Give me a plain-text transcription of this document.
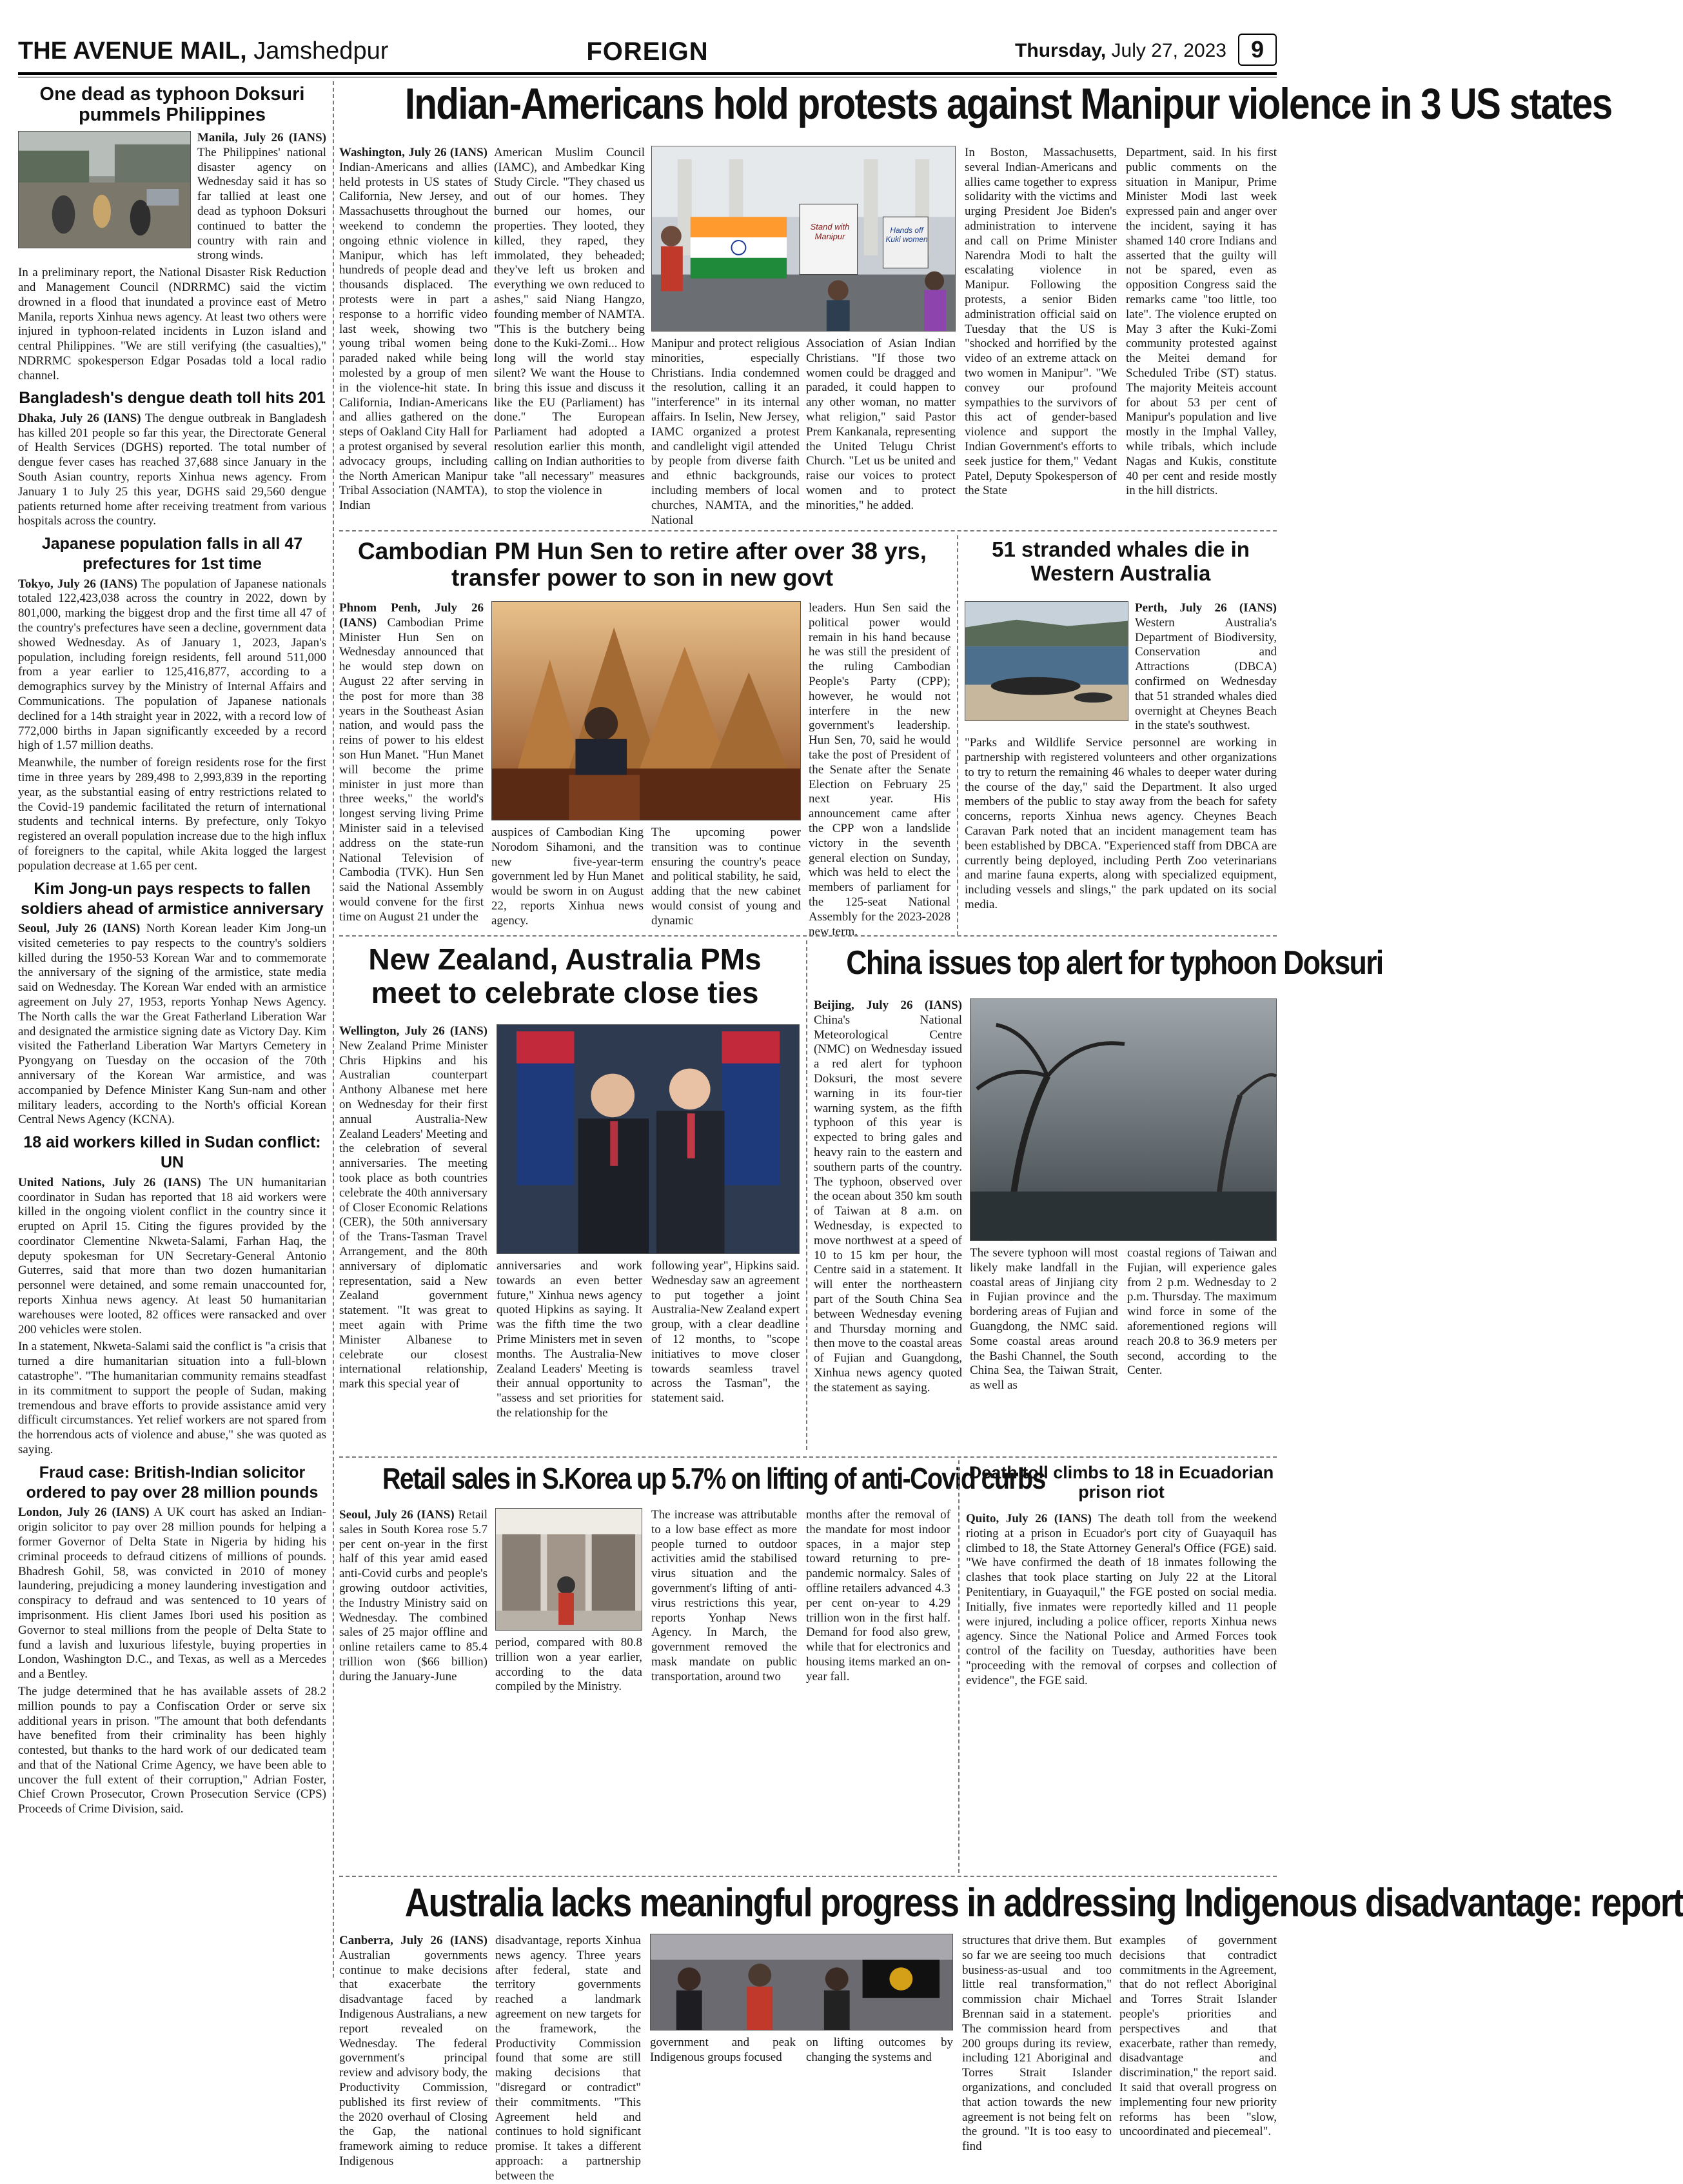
THE AVENUE MAIL, Jamshedpur	FOREIGN	Thursday, July 27, 2023	9
One dead as typhoon Doksuri pummels Philippines

Manila, July 26 (IANS) The Philippines' national disaster agency on Wednesday said it has so far tallied at least one dead as typhoon Doksuri continued to batter the country with rain and strong winds.

In a preliminary report, the National Disaster Risk Reduction and Management Council (NDRRMC) said the victim drowned in a flood that inundated a province east of Metro Manila, reports Xinhua news agency. At least two others were injured in typhoon-related incidents in Luzon island and central Philippines. "We are still verifying (the casualties)," NDRRMC spokesperson Edgar Posadas told a local radio channel.

Bangladesh's dengue death toll hits 201

Dhaka, July 26 (IANS) The dengue outbreak in Bangladesh has killed 201 people so far this year, the Directorate General of Health Services (DGHS) reported. The total number of dengue fever cases has reached 37,688 since January in the South Asian country, reports Xinhua news agency. From January 1 to July 25 this year, DGHS said 29,560 dengue patients returned home after receiving treatment from various hospitals across the country.

Japanese population falls in all 47 prefectures for 1st time

Tokyo, July 26 (IANS) The population of Japanese nationals totaled 122,423,038 across the country in 2022, down by 801,000, marking the biggest drop and the first time all 47 of the country's prefectures have seen a decline, government data showed Wednesday. As of January 1, 2023, Japan's population, including foreign residents, fell around 511,000 from a year earlier to 125,416,877, according to a demographics survey by the Ministry of Internal Affairs and Communications. The population of Japanese nationals declined for a 14th straight year in 2022, with a record low of 772,000 births in Japan significantly exceeded by a record high of 1.57 million deaths.

Meanwhile, the number of foreign residents rose for the first time in three years by 289,498 to 2,993,839 in the reporting year, as the substantial easing of entry restrictions related to the Covid-19 pandemic facilitated the return of international students and technical interns. By prefecture, only Tokyo registered an overall population increase due to the high influx of foreigners to the capital, while Akita logged the largest population decrease at 1.65 per cent.

Kim Jong-un pays respects to fallen soldiers ahead of armistice anniversary

Seoul, July 26 (IANS) North Korean leader Kim Jong-un visited cemeteries to pay respects to the country's soldiers killed during the 1950-53 Korean War and to commemorate the anniversary of the signing of the armistice, state media said on Wednesday. The Korean War ended with an armistice agreement on July 27, 1953, reports Yonhap News Agency. The North calls the war the Great Fatherland Liberation War and designated the armistice signing date as Victory Day. Kim visited the Fatherland Liberation War Martyrs Cemetery in Pyongyang on Tuesday on the occasion of the 70th anniversary of the Korean War armistice, and was accompanied by Defence Minister Kang Sun-nam and other military leaders, according to the North's official Korean Central News Agency (KCNA).

18 aid workers killed in Sudan conflict: UN

United Nations, July 26 (IANS) The UN humanitarian coordinator in Sudan has reported that 18 aid workers were killed in the ongoing violent conflict in the country since it erupted on April 15. Citing the figures provided by the coordinator Clementine Nkweta-Salami, Farhan Haq, the deputy spokesman for UN Secretary-General Antonio Guterres, said that more than two dozen humanitarian personnel were detained, and some remain unaccounted for, reports Xinhua news agency. At least 50 humanitarian warehouses were looted, 82 offices were ransacked and over 200 vehicles were stolen.

In a statement, Nkweta-Salami said the conflict is "a crisis that turned a dire humanitarian situation into a full-blown catastrophe". "The humanitarian community remains steadfast in its commitment to support the people of Sudan, making tremendous and brave efforts to provide assistance amid very difficult circumstances. Yet relief workers are not spared from the horrendous acts of violence and abuse," she was quoted as saying.

Fraud case: British-Indian solicitor ordered to pay over 28 million pounds

London, July 26 (IANS) A UK court has asked an Indian-origin solicitor to pay over 28 million pounds for helping a former Governor of Delta State in Nigeria by hiding his criminal proceeds to defraud citizens of millions of pounds. Bhadresh Gohil, 58, was convicted in 2010 of money laundering, prejudicing a money laundering investigation and conspiracy to defraud and was sentenced to 10 years of imprisonment. His client James Ibori used his position as Governor to steal millions from the people of Delta State to fund a lavish and luxurious lifestyle, buying properties in London, Washington D.C., and Texas, as well as a Mercedes and a Bentley.

The judge determined that he has available assets of 28.2 million pounds to pay a Confiscation Order or serve six additional years in prison. "The amount that both defendants have benefited from their criminality has been highly contested, but thanks to the hard work of our dedicated team and that of the National Crime Agency, we have been able to uncover the full extent of their corruption," Adrian Foster, Chief Crown Prosecutor, Crown Prosecution Service (CPS) Proceeds of Crime Division, said.

Indian-Americans hold protests against Manipur violence in 3 US states

Washington, July 26 (IANS) Indian-Americans and allies held protests in US states of California, New Jersey, and Massachusetts throughout the weekend to condemn the ongoing ethnic violence in Manipur, which has left hundreds of people dead and thousands displaced. The protests were in part a response to a horrific video last week, showing two young tribal women being paraded naked while being molested by a group of men in the violence-hit state. In California, Indian-Americans and allies gathered on the steps of Oakland City Hall for a protest organised by several advocacy groups, including the North American Manipur Tribal Association (NAMTA), Indian

American Muslim Council (IAMC), and Ambedkar King Study Circle. "They chased us out of our homes. They burned our homes, our properties. They looted, they killed, they raped, they immolated, they beheaded; they've left us broken and everything we own reduced to ashes," said Niang Hangzo, founding member of NAMTA. "This is the butchery being done to the Kuki-Zomi... How long will the world stay silent? We want the House to bring this issue and discuss it like the EU (Parliament) has done." The European Parliament had adopted a resolution earlier this month, calling on Indian authorities to take "all necessary" measures to stop the violence in

Stand with Manipur
Hands off Kuki women

Manipur and protect religious minorities, especially Christians. India condemned the resolution, calling it an "interference" in its internal affairs. In Iselin, New Jersey, IAMC organized a protest and candlelight vigil attended by people from diverse faith and ethnic backgrounds, including members of local churches, NAMTA, and the National

Association of Asian Indian Christians. "If those two women could be dragged and paraded, it could happen to any other woman, no matter what religion," said Pastor Prem Kankanala, representing the United Telugu Christ Church. "Let us be united and raise our voices to protect women and to protect minorities," he added.

In Boston, Massachusetts, several Indian-Americans and allies came together to express solidarity with the victims and urging President Joe Biden's administration to intervene and call on Prime Minister Narendra Modi to halt the escalating violence in Manipur. Following the protests, a senior Biden administration official said on Tuesday that the US is "shocked and horrified by the video of an extreme attack on two women in Manipur". "We convey our profound sympathies to the survivors of this act of gender-based violence and support the Indian Government's efforts to seek justice for them," Vedant Patel, Deputy Spokesperson of the State

Department, said. In his first public comments on the situation in Manipur, Prime Minister Modi last week expressed pain and anger over the incident, saying it has shamed 140 crore Indians and asserted that the guilty will not be spared, even as opposition Congress said the remarks came "too little, too late". The violence erupted on May 3 after the Kuki-Zomi community protested against the Meitei demand for Scheduled Tribe (ST) status. The majority Meiteis account for about 53 per cent of Manipur's population and live mostly in the Imphal Valley, while tribals, which include Nagas and Kukis, constitute 40 per cent and reside mostly in the hill districts.

Cambodian PM Hun Sen to retire after over 38 yrs, transfer power to son in new govt

Phnom Penh, July 26 (IANS) Cambodian Prime Minister Hun Sen on Wednesday announced that he would step down on August 22 after serving in the post for more than 38 years in the Southeast Asian nation, and would pass the reins of power to his eldest son Hun Manet. "Hun Manet will become the prime minister in just more than three weeks," the world's longest serving living Prime Minister said in a televised address on the state-run National Television of Cambodia (TVK). Hun Sen said the National Assembly would convene for the first time on August 21 under the

auspices of Cambodian King Norodom Sihamoni, and the new five-year-term government led by Hun Manet would be sworn in on August 22, reports Xinhua news agency.

The upcoming power transition was to continue ensuring the country's peace and political stability, he said, adding that the new cabinet would consist of young and dynamic

leaders. Hun Sen said the political power would remain in his hand because he was still the president of the ruling Cambodian People's Party (CPP); however, he would not interfere in the new government's leadership. Hun Sen, 70, said he would take the post of President of the Senate after the Senate Election on February 25 next year. His announcement came after the CPP won a landslide victory in the seventh general election on Sunday, which was held to elect the members of parliament for the 125-seat National Assembly for the 2023-2028 new term.

51 stranded whales die in Western Australia

Perth, July 26 (IANS) Western Australia's Department of Biodiversity, Conservation and Attractions (DBCA) confirmed on Wednesday that 51 stranded whales died overnight at Cheynes Beach in the state's southwest.

"Parks and Wildlife Service personnel are working in partnership with registered volunteers and other organizations to try to return the remaining 46 whales to deeper water during the course of the day," said the Department. It also urged members of the public to stay away from the beach for safety concerns, reports Xinhua news agency. Cheynes Beach Caravan Park noted that an incident management team has been established by DBCA. "Experienced staff from DBCA are currently being deployed, including Perth Zoo veterinarians and marine fauna experts, along with specialized equipment, including vessels and slings," the park updated on its social media.

New Zealand, Australia PMs meet to celebrate close ties

Wellington, July 26 (IANS) New Zealand Prime Minister Chris Hipkins and his Australian counterpart Anthony Albanese met here on Wednesday for their first annual Australia-New Zealand Leaders' Meeting and the celebration of several anniversaries. The meeting took place as both countries celebrate the 40th anniversary of Closer Economic Relations (CER), the 50th anniversary of the Trans-Tasman Travel Arrangement, and the 80th anniversary of diplomatic representation, said a New Zealand government statement. "It was great to meet again with Prime Minister Albanese to celebrate our closest international relationship, mark this special year of

anniversaries and work towards an even better future," Xinhua news agency quoted Hipkins as saying. It was the fifth time the two Prime Ministers met in seven months. The Australia-New Zealand Leaders' Meeting is their annual opportunity to "assess and set priorities for the relationship for the

following year", Hipkins said. Wednesday saw an agreement to put together a joint Australia-New Zealand expert group, with a clear deadline of 12 months, to "scope initiatives to move closer towards seamless travel across the Tasman", the statement said.

China issues top alert for typhoon Doksuri

Beijing, July 26 (IANS) China's National Meteorological Centre (NMC) on Wednesday issued a red alert for typhoon Doksuri, the most severe warning in its four-tier warning system, as the fifth typhoon of this year is expected to bring gales and heavy rain to the eastern and southern parts of the country. The typhoon, observed over the ocean about 350 km south of Taiwan at 8 a.m. on Wednesday, is expected to move northwest at a speed of 10 to 15 km per hour, the Centre said in a statement. It will enter the northeastern part of the South China Sea between Wednesday evening and Thursday morning and then move to the coastal areas of Fujian and Guangdong, Xinhua news agency quoted the statement as saying.

The severe typhoon will most likely make landfall in the coastal areas of Jinjiang city in Fujian province and the bordering areas of Fujian and Guangdong, the NMC said. Some coastal areas around the Bashi Channel, the South China Sea, the Taiwan Strait, as well as

coastal regions of Taiwan and Fujian, will experience gales from 2 p.m. Wednesday to 2 p.m. Thursday. The maximum wind force in some of the aforementioned regions will reach 20.8 to 36.9 meters per second, according to the Center.

Retail sales in S.Korea up 5.7% on lifting of anti-Covid curbs

Seoul, July 26 (IANS) Retail sales in South Korea rose 5.7 per cent on-year in the first half of this year amid eased anti-Covid curbs and people's growing outdoor activities, the Industry Ministry said on Wednesday. The combined sales of 25 major offline and online retailers came to 85.4 trillion won ($66 billion) during the January-June

period, compared with 80.8 trillion won a year earlier, according to the data compiled by the Ministry.

The increase was attributable to a low base effect as more people turned to outdoor activities amid the stabilised virus situation and the government's lifting of anti-virus restrictions this year, reports Yonhap News Agency. In March, the government removed the mask mandate on public transportation, around two

months after the removal of the mandate for most indoor spaces, in a major step toward returning to pre-pandemic normalcy. Sales of offline retailers advanced 4.3 per cent on-year to 4.29 trillion won in the first half. Demand for food also grew, while that for electronics and housing items marked an on-year fall.

Death toll climbs to 18 in Ecuadorian prison riot

Quito, July 26 (IANS) The death toll from the weekend rioting at a prison in Ecuador's port city of Guayaquil has climbed to 18, the State Attorney General's Office (FGE) said. "We have confirmed the death of 18 inmates following the clashes that took place starting on July 22 at the Litoral Penitentiary, in Guayaquil," the FGE posted on social media. Initially, five inmates were reportedly killed and 11 people were injured, including a police officer, reports Xinhua news agency. Since the National Police and Armed Forces took control of the facility on Tuesday, authorities have been "proceeding with the removal of corpses and collection of evidence", the FGE said.

Australia lacks meaningful progress in addressing Indigenous disadvantage: report

Canberra, July 26 (IANS) Australian governments continue to make decisions that exacerbate the disadvantage faced by Indigenous Australians, a new report revealed on Wednesday. The federal government's principal review and advisory body, the Productivity Commission, published its first review of the 2020 overhaul of Closing the Gap, the national framework aiming to reduce Indigenous

disadvantage, reports Xinhua news agency. Three years after federal, state and territory governments reached a landmark agreement on new targets for the framework, the Productivity Commission found that some are still making decisions that "disregard or contradict" their commitments. "This Agreement held and continues to hold significant promise. It takes a different approach: a partnership between the

government and peak Indigenous groups focused

on lifting outcomes by changing the systems and

structures that drive them. But so far we are seeing too much business-as-usual and too little real transformation," commission chair Michael Brennan said in a statement. The commission heard from 200 groups during its review, including 121 Aboriginal and Torres Strait Islander organizations, and concluded that action towards the new agreement is not being felt on the ground. "It is too easy to find

examples of government decisions that contradict commitments in the Agreement, that do not reflect Aboriginal and Torres Strait Islander people's priorities and perspectives and that exacerbate, rather than remedy, disadvantage and discrimination," the report said. It said that overall progress on implementing four new priority reforms has been "slow, uncoordinated and piecemeal".
